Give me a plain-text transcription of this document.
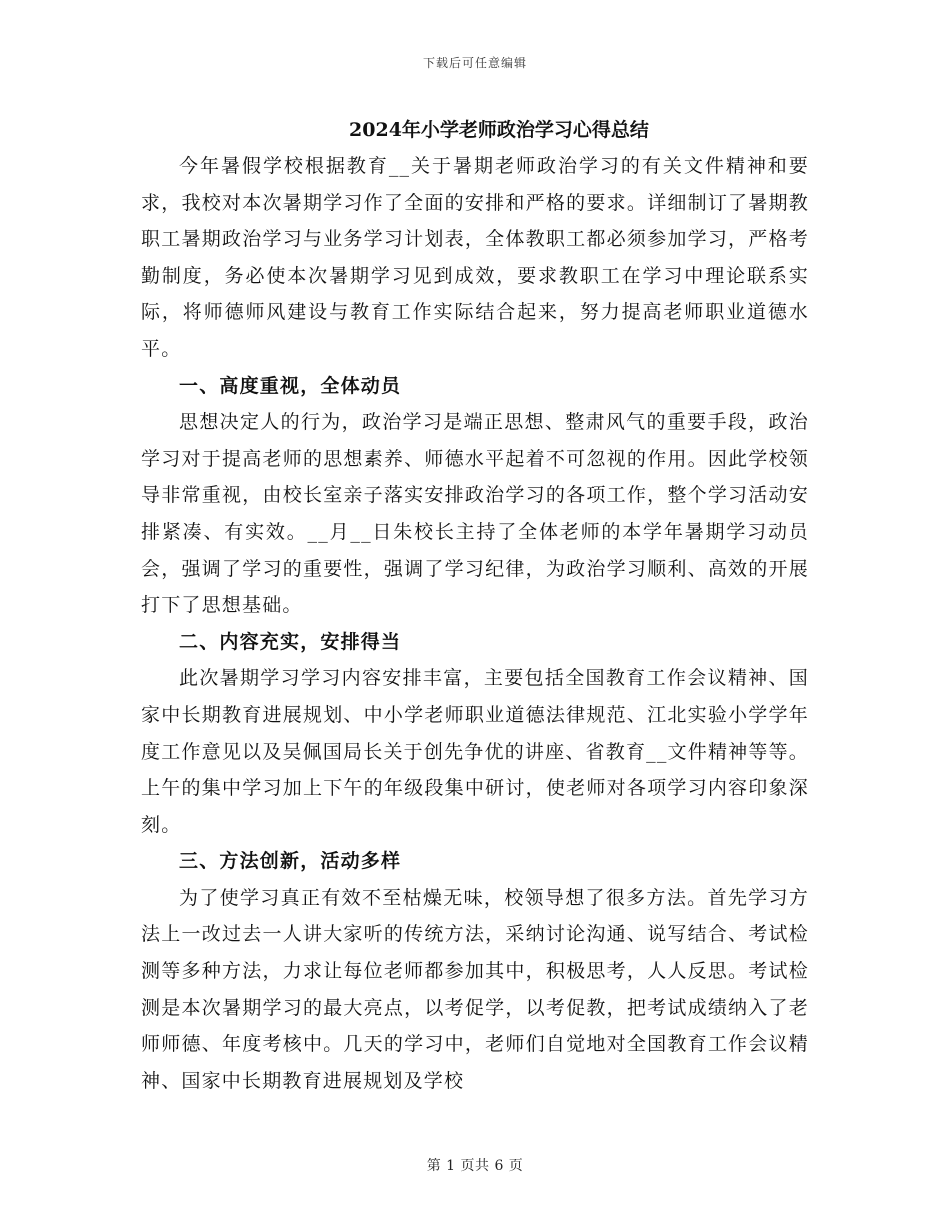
下载后可任意编辑
2024年小学老师政治学习心得总结

今年暑假学校根据教育__关于暑期老师政治学习的有关文件精神和要求，我校对本次暑期学习作了全面的安排和严格的要求。详细制订了暑期教职工暑期政治学习与业务学习计划表，全体教职工都必须参加学习，严格考勤制度，务必使本次暑期学习见到成效，要求教职工在学习中理论联系实际，将师德师风建设与教育工作实际结合起来，努力提高老师职业道德水平。

一、高度重视，全体动员

思想决定人的行为，政治学习是端正思想、整肃风气的重要手段，政治学习对于提高老师的思想素养、师德水平起着不可忽视的作用。因此学校领导非常重视，由校长室亲子落实安排政治学习的各项工作，整个学习活动安排紧凑、有实效。__月__日朱校长主持了全体老师的本学年暑期学习动员会，强调了学习的重要性，强调了学习纪律，为政治学习顺利、高效的开展打下了思想基础。

二、内容充实，安排得当

此次暑期学习学习内容安排丰富，主要包括全国教育工作会议精神、国家中长期教育进展规划、中小学老师职业道德法律规范、江北实验小学学年度工作意见以及吴佩国局长关于创先争优的讲座、省教育__文件精神等等。上午的集中学习加上下午的年级段集中研讨，使老师对各项学习内容印象深刻。

三、方法创新，活动多样

为了使学习真正有效不至枯燥无味，校领导想了很多方法。首先学习方法上一改过去一人讲大家听的传统方法，采纳讨论沟通、说写结合、考试检测等多种方法，力求让每位老师都参加其中，积极思考，人人反思。考试检测是本次暑期学习的最大亮点，以考促学，以考促教，把考试成绩纳入了老师师德、年度考核中。几天的学习中，老师们自觉地对全国教育工作会议精神、国家中长期教育进展规划及学校

第 1 页共 6 页
